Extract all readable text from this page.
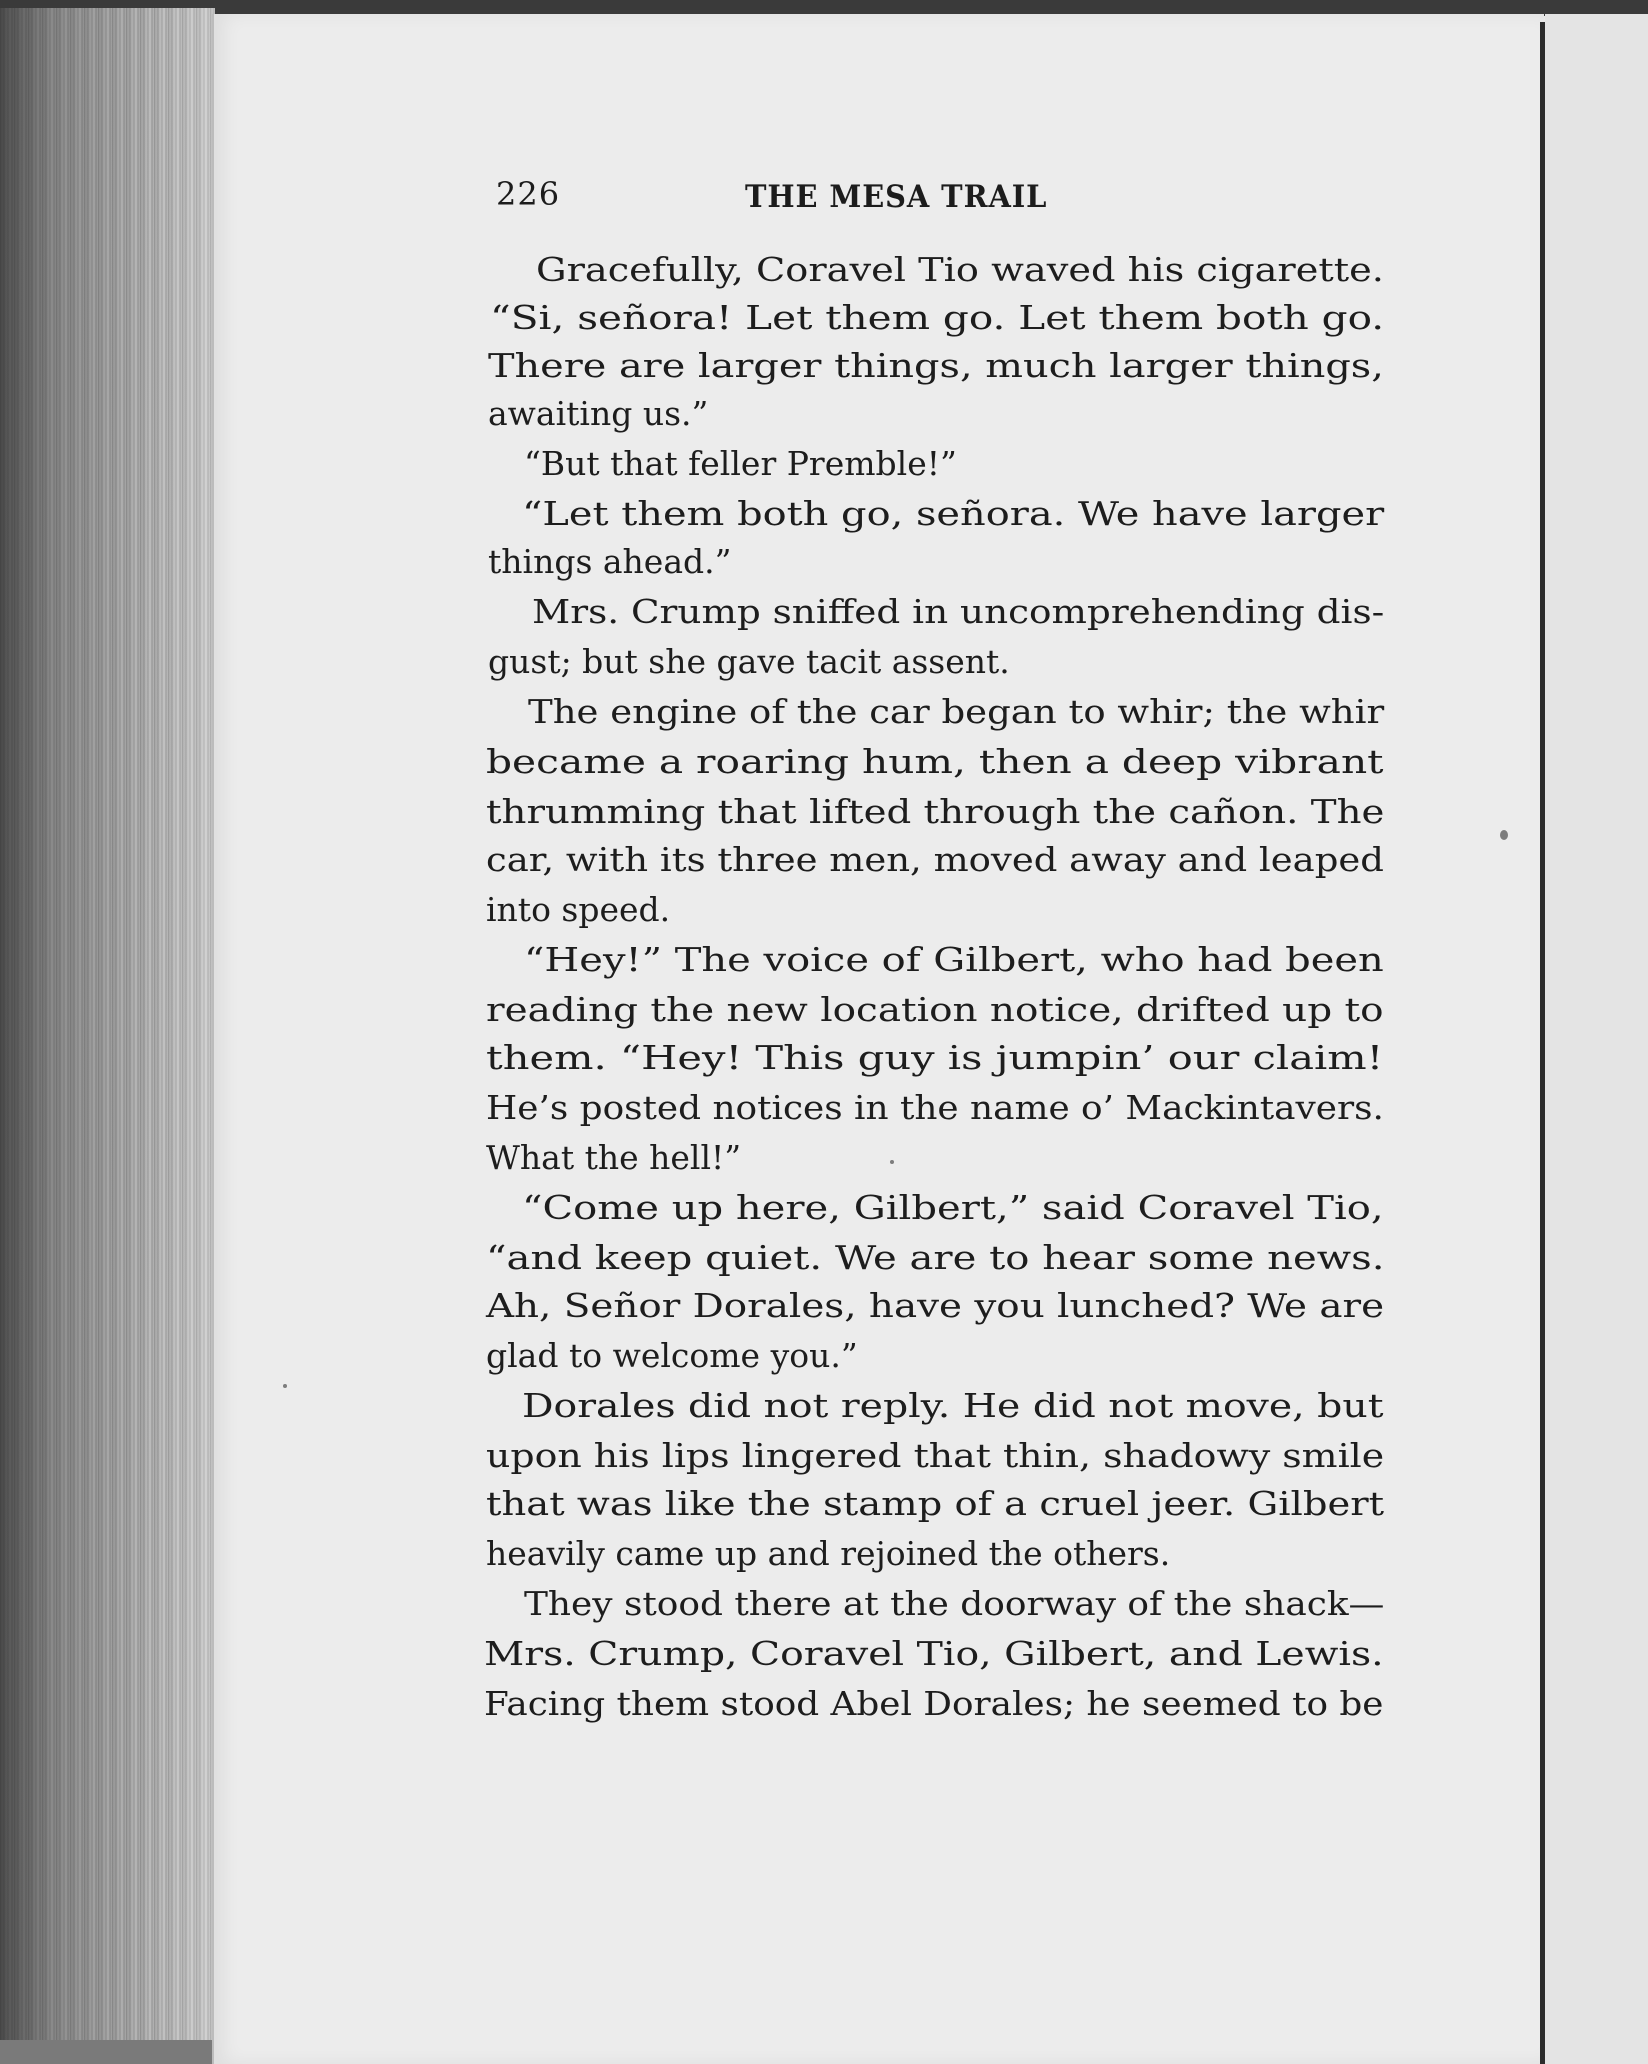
226	THE MESA TRAIL
Gracefully, Coravel Tio waved his cigarette.
“Si, señora! Let them go. Let them both go.
There are larger things, much larger things,
awaiting us.”
“But that feller Premble!”
“Let them both go, señora. We have larger
things ahead.”
Mrs. Crump sniffed in uncomprehending dis-
gust; but she gave tacit assent.
The engine of the car began to whir; the whir
became a roaring hum, then a deep vibrant
thrumming that lifted through the cañon. The
car, with its three men, moved away and leaped
into speed.
“Hey!” The voice of Gilbert, who had been
reading the new location notice, drifted up to
them. “Hey! This guy is jumpin’ our claim!
He’s posted notices in the name o’ Mackintavers.
What the hell!”
“Come up here, Gilbert,” said Coravel Tio,
“and keep quiet. We are to hear some news.
Ah, Señor Dorales, have you lunched? We are
glad to welcome you.”
Dorales did not reply. He did not move, but
upon his lips lingered that thin, shadowy smile
that was like the stamp of a cruel jeer. Gilbert
heavily came up and rejoined the others.
They stood there at the doorway of the shack—
Mrs. Crump, Coravel Tio, Gilbert, and Lewis.
Facing them stood Abel Dorales; he seemed to be
